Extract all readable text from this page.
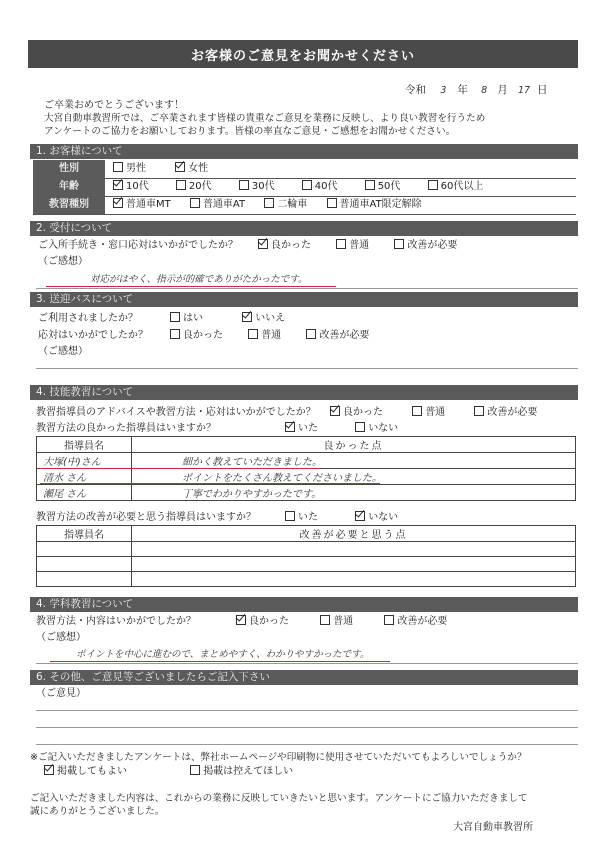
お客様のご意見をお聞かせください
令和 3 年 8 月 17 日
ご卒業おめでとうございます！
大宮自動車教習所では、ご卒業されます皆様の貴重なご意見を業務に反映し、より良い教習を行うため
アンケートのご協力をお願いしております。皆様の率直なご意見・ご感想をお聞かせください。
1. お客様について
性別	男性	女性
年齢	10代	20代	30代	40代	50代	60代以上
教習種別	普通車MT	普通車AT	二輪車	普通車AT限定解除
2. 受付について
ご入所手続き・窓口応対はいかがでしたか？	良かった	普通	改善が必要
（ご感想）
対応がはやく、指示が的確でありがたかったです。
3. 送迎バスについて
ご利用されましたか？	はい	いいえ
応対はいかがでしたか？	良かった	普通	改善が必要
（ご感想）
4. 技能教習について
教習指導員のアドバイスや教習方法・応対はいかがでしたか？	良かった	普通	改善が必要
教習方法の良かった指導員はいますか？	いた	いない
指導員名	良かった点
大塚(中)さん	細かく教えていただきました。
清水 さん	ポイントをたくさん教えてくださいました。
瀬尾 さん	丁寧でわかりやすかったです。
教習方法の改善が必要と思う指導員はいますか？	いた	いない
指導員名	改善が必要と思う点

4. 学科教習について
教習方法・内容はいかがでしたか？	良かった	普通	改善が必要
（ご感想）
ポイントを中心に進むので、まとめやすく、わかりやすかったです。
6. その他、ご意見等ございましたらご記入下さい
（ご意見）
※ご記入いただきましたアンケートは、弊社ホームページや印刷物に使用させていただいてもよろしいでしょうか？
掲載してもよい	掲載は控えてほしい
ご記入いただきました内容は、これからの業務に反映していきたいと思います。アンケートにご協力いただきまして
誠にありがとうございました。
大宮自動車教習所
